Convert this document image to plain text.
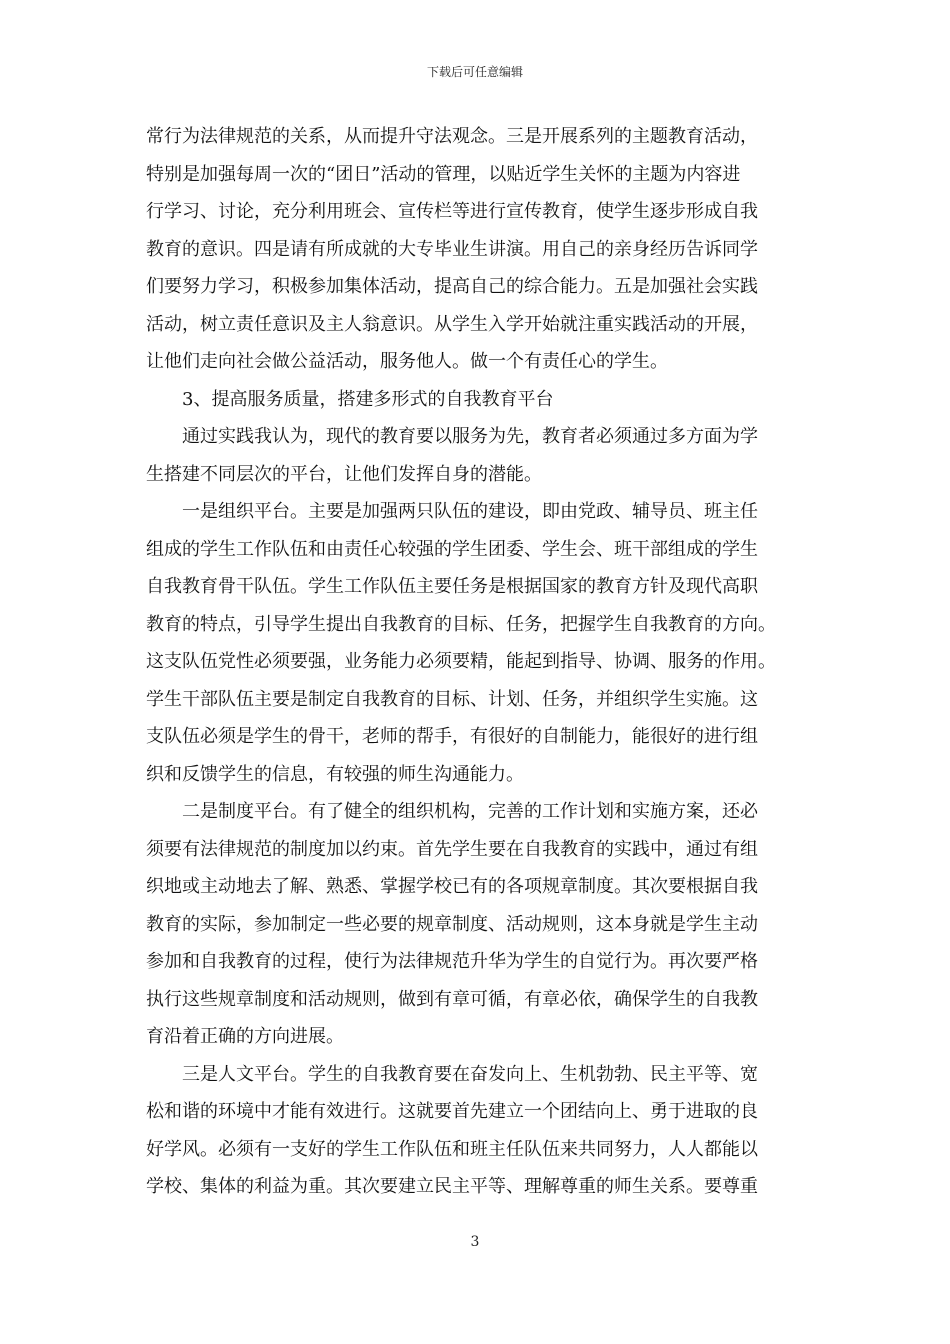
下载后可任意编辑
常行为法律规范的关系，从而提升守法观念。三是开展系列的主题教育活动，
特别是加强每周一次的“团日”活动的管理，以贴近学生关怀的主题为内容进
行学习、讨论，充分利用班会、宣传栏等进行宣传教育，使学生逐步形成自我
教育的意识。四是请有所成就的大专毕业生讲演。用自己的亲身经历告诉同学
们要努力学习，积极参加集体活动，提高自己的综合能力。五是加强社会实践
活动，树立责任意识及主人翁意识。从学生入学开始就注重实践活动的开展，
让他们走向社会做公益活动，服务他人。做一个有责任心的学生。
3、提高服务质量，搭建多形式的自我教育平台
通过实践我认为，现代的教育要以服务为先，教育者必须通过多方面为学
生搭建不同层次的平台，让他们发挥自身的潜能。
一是组织平台。主要是加强两只队伍的建设，即由党政、辅导员、班主任
组成的学生工作队伍和由责任心较强的学生团委、学生会、班干部组成的学生
自我教育骨干队伍。学生工作队伍主要任务是根据国家的教育方针及现代高职
教育的特点，引导学生提出自我教育的目标、任务，把握学生自我教育的方向。
这支队伍党性必须要强，业务能力必须要精，能起到指导、协调、服务的作用。
学生干部队伍主要是制定自我教育的目标、计划、任务，并组织学生实施。这
支队伍必须是学生的骨干，老师的帮手，有很好的自制能力，能很好的进行组
织和反馈学生的信息，有较强的师生沟通能力。
二是制度平台。有了健全的组织机构，完善的工作计划和实施方案，还必
须要有法律规范的制度加以约束。首先学生要在自我教育的实践中，通过有组
织地或主动地去了解、熟悉、掌握学校已有的各项规章制度。其次要根据自我
教育的实际，参加制定一些必要的规章制度、活动规则，这本身就是学生主动
参加和自我教育的过程，使行为法律规范升华为学生的自觉行为。再次要严格
执行这些规章制度和活动规则，做到有章可循，有章必依，确保学生的自我教
育沿着正确的方向进展。
三是人文平台。学生的自我教育要在奋发向上、生机勃勃、民主平等、宽
松和谐的环境中才能有效进行。这就要首先建立一个团结向上、勇于进取的良
好学风。必须有一支好的学生工作队伍和班主任队伍来共同努力，人人都能以
学校、集体的利益为重。其次要建立民主平等、理解尊重的师生关系。要尊重
3
